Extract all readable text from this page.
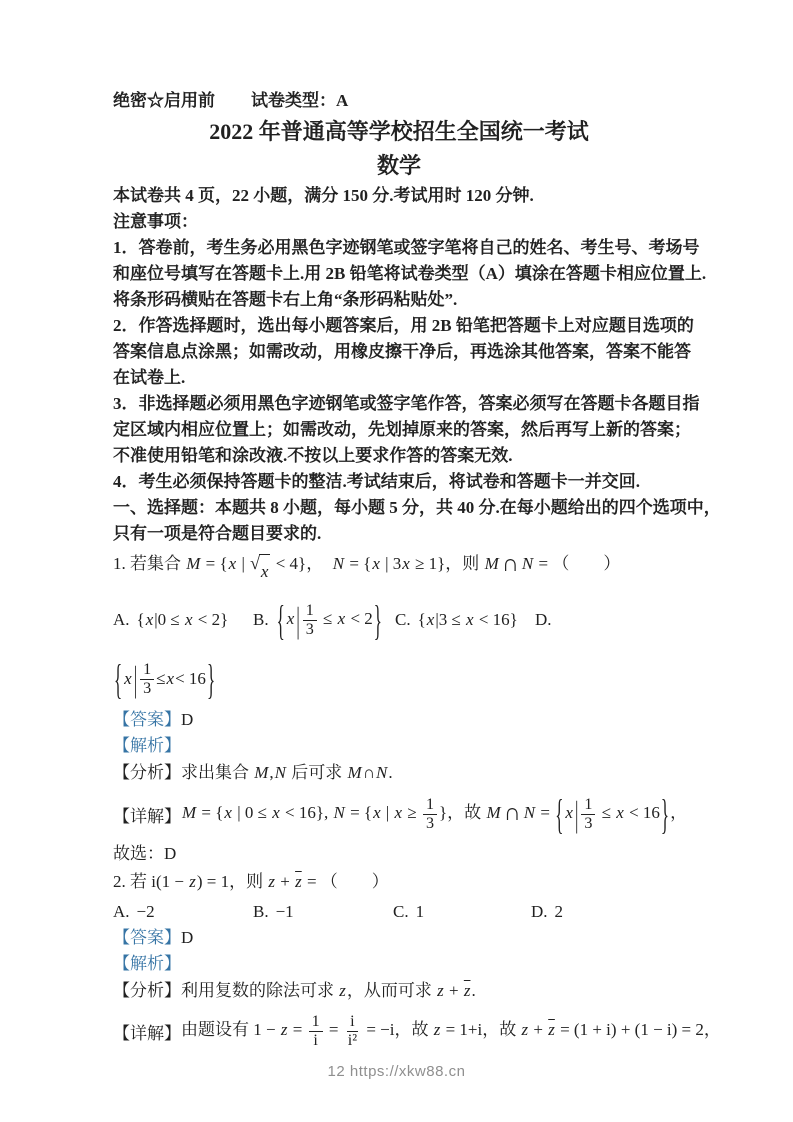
绝密☆启用前 试卷类型：A
2022 年普通高等学校招生全国统一考试
数学
本试卷共 4 页，22 小题，满分 150 分.考试用时 120 分钟.
注意事项：
1．答卷前，考生务必用黑色字迹钢笔或签字笔将自己的姓名、考生号、考场号
和座位号填写在答题卡上.用 2B 铅笔将试卷类型（A）填涂在答题卡相应位置上.
将条形码横贴在答题卡右上角“条形码粘贴处”.
2．作答选择题时，选出每小题答案后，用 2B 铅笔把答题卡上对应题目选项的
答案信息点涂黑；如需改动，用橡皮擦干净后，再选涂其他答案，答案不能答
在试卷上.
3．非选择题必须用黑色字迹钢笔或签字笔作答，答案必须写在答题卡各题目指
定区域内相应位置上；如需改动，先划掉原来的答案，然后再写上新的答案；
不准使用铅笔和涂改液.不按以上要求作答的答案无效.
4．考生必须保持答题卡的整洁.考试结束后，将试卷和答题卡一并交回.
一、选择题：本题共 8 小题，每小题 5 分，共 40 分.在每小题给出的四个选项中，
只有一项是符合题目要求的.
1. 若集合 M = {x | √ x < 4}，　N = {x | 3x ≥ 1}，则 M ∩ N = （　　）
A. {x|0 ≤ x < 2} B. { x | $\frac{1}{3} \le x < 2$} C. {x|3 ≤ x < 16} D.
{ x | $\frac{1}{3} \le x < 16$ }
【答案】D
【解析】
【分析】求出集合 M,N 后可求 M∩N.
【详解】 M = {x | 0 ≤ x < 16}, N = {x | $x \ge \frac{1}{3}$ }，故 M ∩ N = { x | $\frac{1}{3} \le x < 16$}，
故选：D
2. 若 i(1 − z) = 1，则 $z + \overline{z}$ = （　　）
A. −2	B. −1	C. 1	D. 2
【答案】D
【解析】
【分析】利用复数的除法可求 z，从而可求 $z + \overline{z}$.
【详解】 由题设有 $1 - z = \frac{1}{i} = \frac{i}{\text{i²}} = -i$，故 z = 1+i，故 $z + \overline{z} = (1 + i) + (1 - i) = 2$，
12 https://xkw88.cn
